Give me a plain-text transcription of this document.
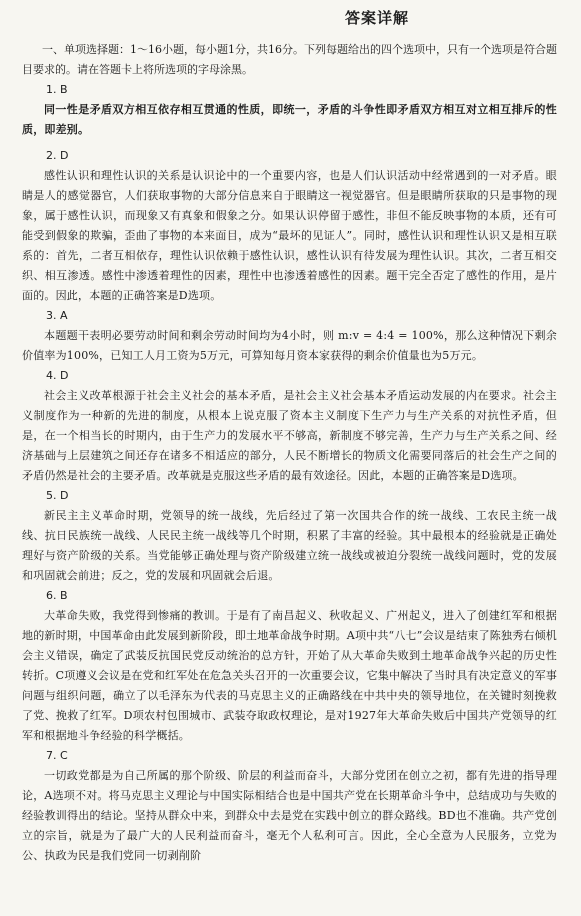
答案详解
一、单项选择题：1～16小题，每小题1分，共16分。下列每题给出的四个选项中，只有一个选项是符合题目要求的。请在答题卡上将所选项的字母涂黑。
1. B

同一性是矛盾双方相互依存相互贯通的性质，即统一，矛盾的斗争性即矛盾双方相互对立相互排斥的性质，即差别。

2. D

感性认识和理性认识的关系是认识论中的一个重要内容，也是人们认识活动中经常遇到的一对矛盾。眼睛是人的感觉器官，人们获取事物的大部分信息来自于眼睛这一视觉器官。但是眼睛所获取的只是事物的现象，属于感性认识，而现象又有真象和假象之分。如果认识停留于感性，非但不能反映事物的本质，还有可能受到假象的欺骗，歪曲了事物的本来面目，成为“最坏的见证人”。同时，感性认识和理性认识又是相互联系的：首先，二者互相依存，理性认识依赖于感性认识，感性认识有待发展为理性认识。其次，二者互相交织、相互渗透。感性中渗透着理性的因素，理性中也渗透着感性的因素。题干完全否定了感性的作用，是片面的。因此，本题的正确答案是D选项。

3. A

本题题干表明必要劳动时间和剩余劳动时间均为4小时，则 m:v = 4:4 = 100%，那么这种情况下剩余价值率为100%，已知工人月工资为5万元，可算知每月资本家获得的剩余价值量也为5万元。

4. D

社会主义改革根源于社会主义社会的基本矛盾，是社会主义社会基本矛盾运动发展的内在要求。社会主义制度作为一种新的先进的制度，从根本上说克服了资本主义制度下生产力与生产关系的对抗性矛盾，但是，在一个相当长的时期内，由于生产力的发展水平不够高，新制度不够完善，生产力与生产关系之间、经济基础与上层建筑之间还存在诸多不相适应的部分，人民不断增长的物质文化需要同落后的社会生产之间的矛盾仍然是社会的主要矛盾。改革就是克服这些矛盾的最有效途径。因此，本题的正确答案是D选项。

5. D

新民主主义革命时期，党领导的统一战线，先后经过了第一次国共合作的统一战线、工农民主统一战线、抗日民族统一战线、人民民主统一战线等几个时期，积累了丰富的经验。其中最根本的经验就是正确处理好与资产阶级的关系。当党能够正确处理与资产阶级建立统一战线或被迫分裂统一战线问题时，党的发展和巩固就会前进；反之，党的发展和巩固就会后退。

6. B

大革命失败，我党得到惨痛的教训。于是有了南昌起义、秋收起义、广州起义，进入了创建红军和根据地的新时期，中国革命由此发展到新阶段，即土地革命战争时期。A项中共“八七”会议是结束了陈独秀右倾机会主义错误，确定了武装反抗国民党反动统治的总方针，开始了从大革命失败到土地革命战争兴起的历史性转折。C项遵义会议是在党和红军处在危急关头召开的一次重要会议，它集中解决了当时具有决定意义的军事问题与组织问题，确立了以毛泽东为代表的马克思主义的正确路线在中共中央的领导地位，在关键时刻挽救了党、挽救了红军。D项农村包围城市、武装夺取政权理论，是对1927年大革命失败后中国共产党领导的红军和根据地斗争经验的科学概括。

7. C

一切政党都是为自己所属的那个阶级、阶层的利益而奋斗，大部分党团在创立之初，都有先进的指导理论，A选项不对。将马克思主义理论与中国实际相结合也是中国共产党在长期革命斗争中，总结成功与失败的经验教训得出的结论。坚持从群众中来，到群众中去是党在实践中创立的群众路线。BD也不准确。共产党创立的宗旨，就是为了最广大的人民利益而奋斗，毫无个人私利可言。因此，全心全意为人民服务，立党为公、执政为民是我们党同一切剥削阶
